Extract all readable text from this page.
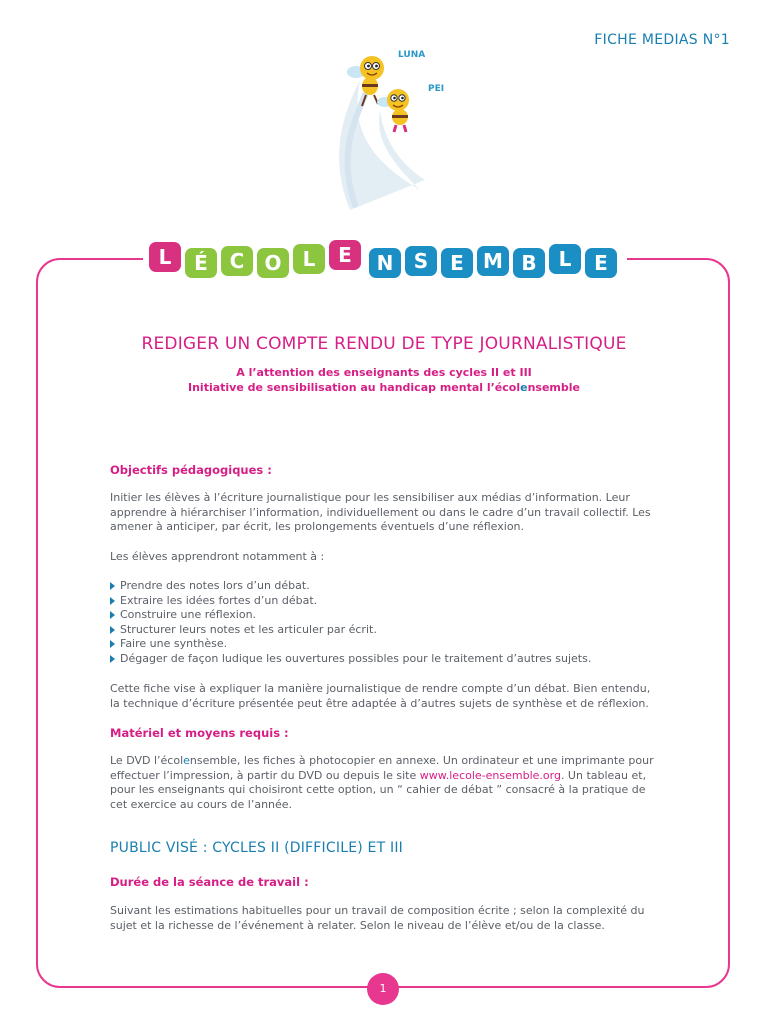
FICHE MEDIAS N°1
LUNA
PEI
L	É	C	O	L	E	N	S	E M B	L	E
REDIGER UN COMPTE RENDU DE TYPE JOURNALISTIQUE
A l’attention des enseignants des cycles II et III
Initiative de sensibilisation au handicap mental l’écolensemble
Objectifs pédagogiques :
Initier les élèves à l’écriture journalistique pour les sensibiliser aux médias d’information. Leur apprendre à hiérarchiser l’information, individuellement ou dans le cadre d’un travail collectif. Les amener à anticiper, par écrit, les prolongements éventuels d’une réflexion.
Les élèves apprendront notamment à :
Prendre des notes lors d’un débat.
Extraire les idées fortes d’un débat.
Construire une réflexion.
Structurer leurs notes et les articuler par écrit.
Faire une synthèse.
Dégager de façon ludique les ouvertures possibles pour le traitement d’autres sujets.
Cette fiche vise à expliquer la manière journalistique de rendre compte d’un débat. Bien entendu, la technique d’écriture présentée peut être adaptée à d’autres sujets de synthèse et de réflexion.
Matériel et moyens requis :
Le DVD l’écolensemble, les fiches à photocopier en annexe. Un ordinateur et une imprimante pour effectuer l’impression, à partir du DVD ou depuis le site www.lecole-ensemble.org. Un tableau et, pour les enseignants qui choisiront cette option, un “ cahier de débat ” consacré à la pratique de cet exercice au cours de l’année.
PUBLIC VISÉ : CYCLES II (DIFFICILE) ET III
Durée de la séance de travail :
Suivant les estimations habituelles pour un travail de composition écrite ; selon la complexité du sujet et la richesse de l’événement à relater. Selon le niveau de l’élève et/ou de la classe.
1
